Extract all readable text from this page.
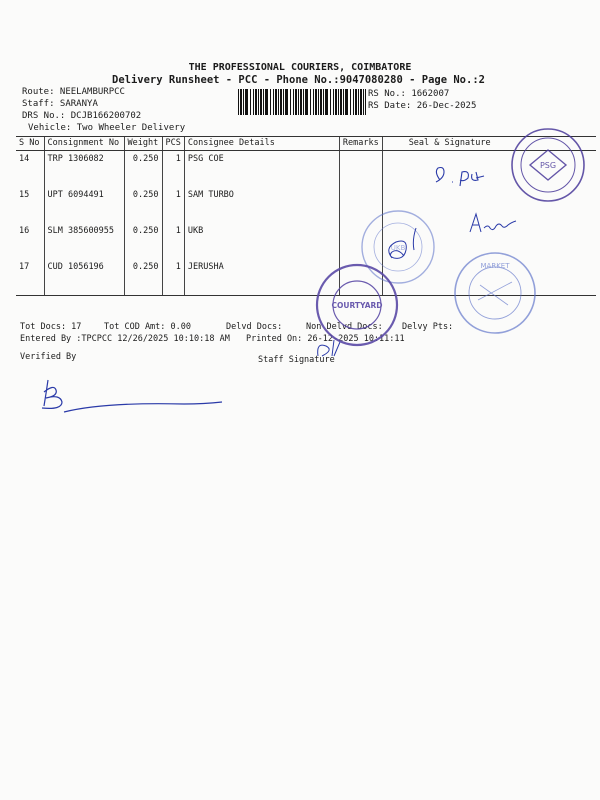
THE PROFESSIONAL COURIERS, COIMBATORE
Delivery Runsheet - PCC - Phone No.:9047080280 - Page No.:2
Route: NEELAMBURPCC
Staff: SARANYA
DRS No.: DCJB166200702
Vehicle: Two Wheeler Delivery
RS No.: 1662007
RS Date: 26-Dec-2025
S No	Consignment No	Weight	PCS	Consignee Details	Remarks	Seal & Signature
14	TRP 1306082	0.250	1	PSG COE		
15	UPT 6094491	0.250	1	SAM TURBO		
16	SLM 385600955	0.250	1	UKB		
17	CUD 1056196	0.250	1	JERUSHA		
Tot Docs: 17	Tot COD Amt: 0.00	Delvd Docs:	Non Delvd Docs: Delvy Pts:
Entered By :TPCPCC 12/26/2025 10:10:18 AM Printed On: 26-12-2025 10:11:11
Verified By	Staff Signature
PSG
UKB
COURTYARD
MARKET
